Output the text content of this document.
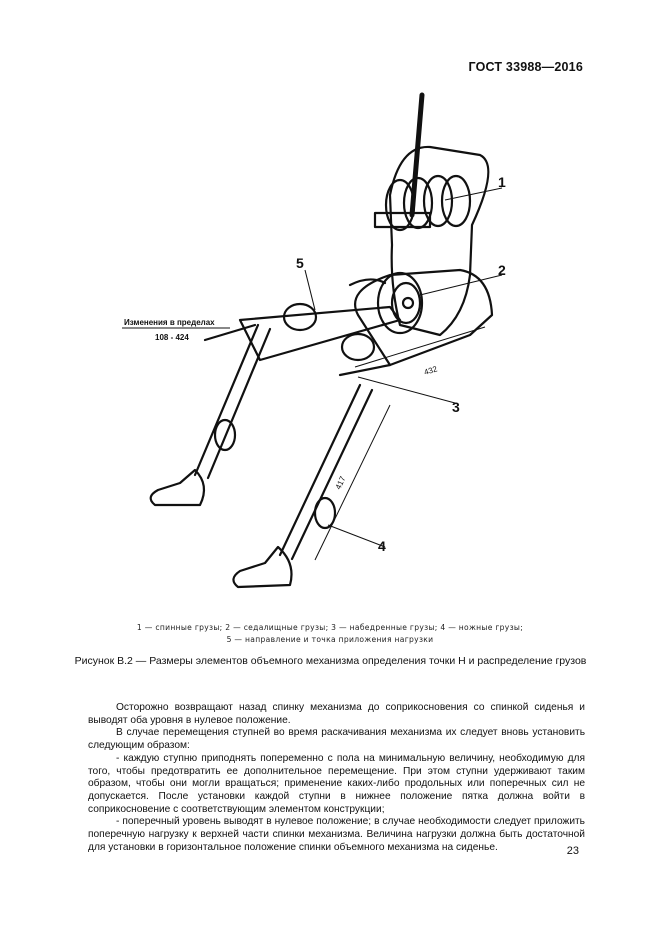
ГОСТ 33988—2016
1
2
3
4
5
Изменения в пределах
108 - 424
432
417
1 — спинные грузы; 2 — седалищные грузы; 3 — набедренные грузы; 4 — ножные грузы;
5 — направление и точка приложения нагрузки
Рисунок В.2 — Размеры элементов объемного механизма определения точки H и распределение грузов

Осторожно возвращают назад спинку механизма до соприкосновения со спинкой сиденья и выводят оба уровня в нулевое положение.

В случае перемещения ступней во время раскачивания механизма их следует вновь установить следующим образом:

- каждую ступню приподнять попеременно с пола на минимальную величину, необходимую для того, чтобы предотвратить ее дополнительное перемещение. При этом ступни удерживают таким образом, чтобы они могли вращаться; применение каких-либо продольных или поперечных сил не допускается. После установки каждой ступни в нижнее положение пятка должна войти в соприкосновение с соответствующим элементом конструкции;

- поперечный уровень выводят в нулевое положение; в случае необходимости следует приложить поперечную нагрузку к верхней части спинки механизма. Величина нагрузки должна быть достаточной для установки в горизонтальное положение спинки объемного механизма на сиденье.	23
